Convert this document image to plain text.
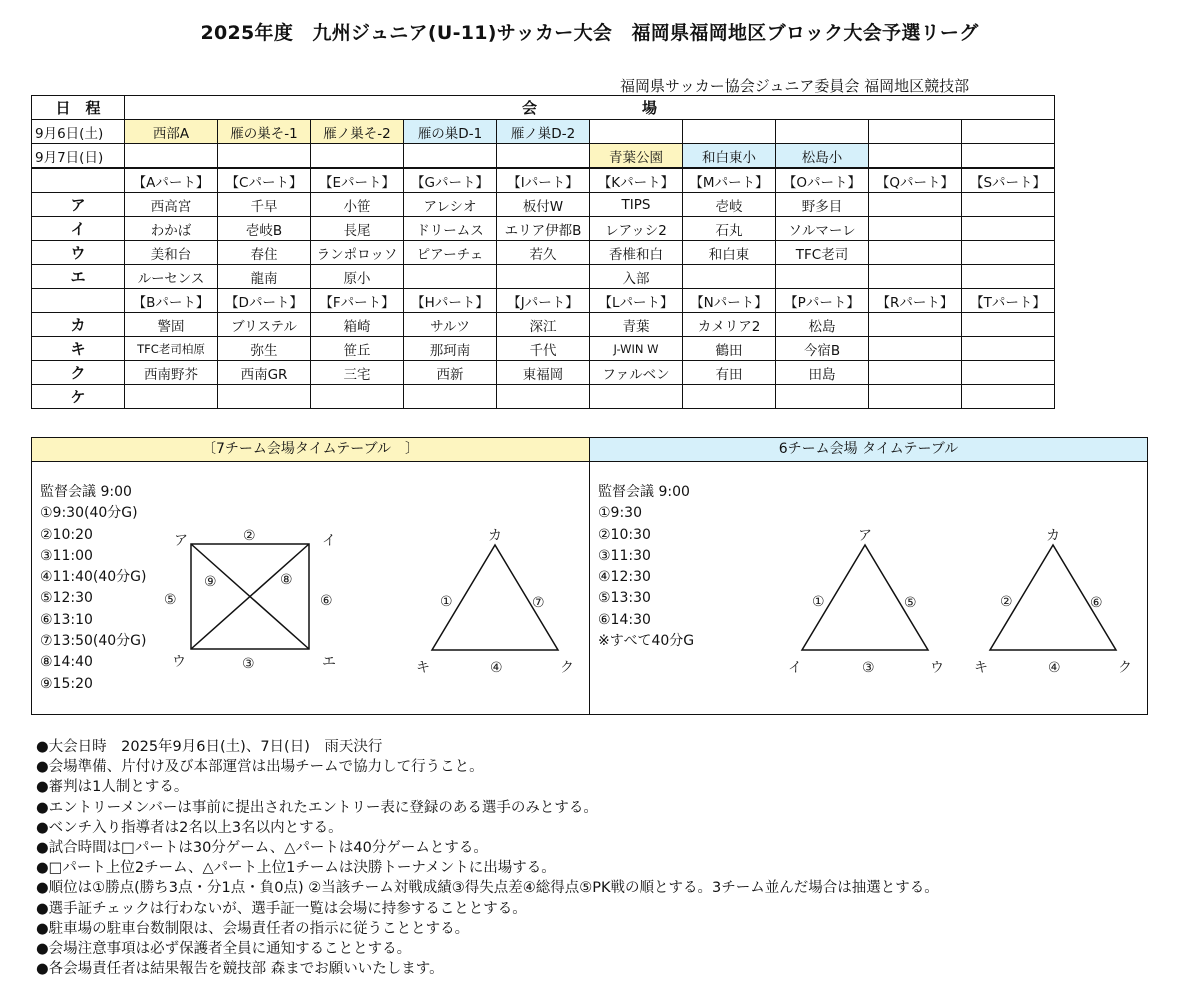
2025年度　九州ジュニア(U-11)サッカー大会　福岡県福岡地区ブロック大会予選リーグ
福岡県サッカー協会ジュニア委員会 福岡地区競技部
日　程	会　　　　　　　場									
9月6日(土)	西部A	雁の巣そ-1	雁ノ巣そ-2	雁の巣D-1	雁ノ巣D-2					
9月7日(日)						青葉公園	和白東小	松島小		
	【Aパート】	【Cパート】	【Eパート】	【Gパート】	【Iパート】	【Kパート】	【Mパート】	【Oパート】	【Qパート】	【Sパート】
ア	西高宮	千早	小笹	アレシオ	板付W	TIPS	壱岐	野多目		
イ	わかば	壱岐B	長尾	ドリームス	エリア伊都B	レアッシ2	石丸	ソルマーレ		
ウ	美和台	春住	ランポロッソ	ピアーチェ	若久	香椎和白	和白東	TFC老司		
エ	ルーセンス	龍南	原小			入部				
	【Bパート】	【Dパート】	【Fパート】	【Hパート】	【Jパート】	【Lパート】	【Nパート】	【Pパート】	【Rパート】	【Tパート】
カ	警固	ブリステル	箱崎	サルツ	深江	青葉	カメリア2	松島		
キ	TFC老司柏原	弥生	笹丘	那珂南	千代	J-WIN W	鶴田	今宿B		
ク	西南野芥	西南GR	三宅	西新	東福岡	ファルベン	有田	田島		
ケ										
〔7チーム会場タイムテーブル　〕	6チーム会場 タイムテーブル
監督会議 9:00
①9:30(40分G)
②10:20
③11:00
④11:40(40分G)
⑤12:30
⑥13:10
⑦13:50(40分G)
⑧14:40
⑨15:20
監督会議 9:00
①9:30
②10:30
③11:30
④12:30
⑤13:30
⑥14:30
※すべて40分G
ア	イ
ウ	エ
②
③
⑤	⑥
⑨	⑧
カ
キ	ク
①	⑦
④
ア
イ	ウ
①	⑤
③
カ
キ	ク
②	⑥
④
●大会日時　2025年9月6日(土)、7日(日)　雨天決行
●会場準備、片付け及び本部運営は出場チームで協力して行うこと。
●審判は1人制とする。
●エントリーメンバーは事前に提出されたエントリー表に登録のある選手のみとする。
●ベンチ入り指導者は2名以上3名以内とする。
●試合時間は□パートは30分ゲーム、△パートは40分ゲームとする。
●□パート上位2チーム、△パート上位1チームは決勝トーナメントに出場する。
●順位は①勝点(勝ち3点・分1点・負0点) ②当該チーム対戦成績③得失点差④総得点⑤PK戦の順とする。3チーム並んだ場合は抽選とする。
●選手証チェックは行わないが、選手証一覧は会場に持参することとする。
●駐車場の駐車台数制限は、会場責任者の指示に従うこととする。
●会場注意事項は必ず保護者全員に通知することとする。
●各会場責任者は結果報告を競技部 森までお願いいたします。
